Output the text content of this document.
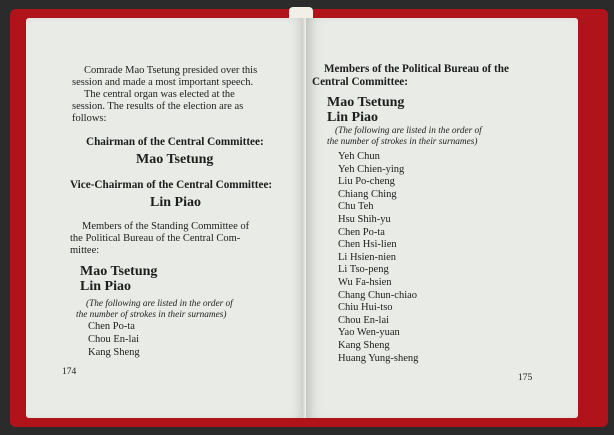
Comrade Mao Tsetung presided over this

session and made a most important speech.

The central organ was elected at the

session. The results of the election are as

follows:

Chairman of the Central Committee:

Mao Tsetung

Vice-Chairman of the Central Committee:

Lin Piao

Members of the Standing Committee of

the Political Bureau of the Central Com-

mittee:

Mao Tsetung

Lin Piao

(The following are listed in the order of

the number of strokes in their surnames)

Chen Po-ta

Chou En-lai

Kang Sheng

174

Members of the Political Bureau of the

Central Committee:

Mao Tsetung

Lin Piao

(The following are listed in the order of

the number of strokes in their surnames)

Yeh Chun
Yeh Chien-ying
Liu Po-cheng
Chiang Ching
Chu Teh
Hsu Shih-yu
Chen Po-ta
Chen Hsi-lien
Li Hsien-nien
Li Tso-peng
Wu Fa-hsien
Chang Chun-chiao
Chiu Hui-tso
Chou En-lai
Yao Wen-yuan
Kang Sheng
Huang Yung-sheng

175
